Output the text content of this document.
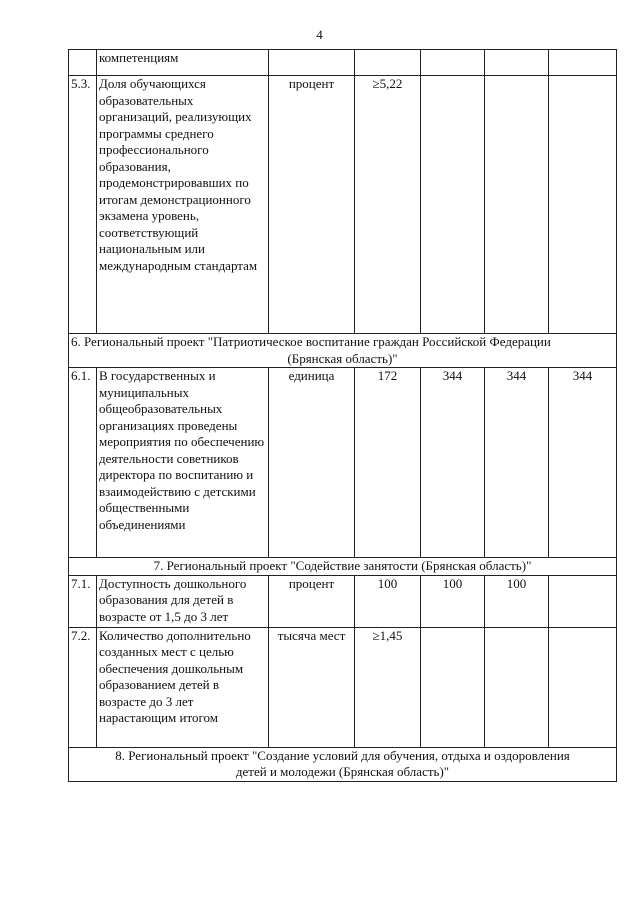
4
	компетенциям					
5.3.	Доля обучающихся образовательных организаций, реализующих программы среднего профессионального образования, продемонстрировавших по итогам демонстрационного экзамена уровень, соответствующий национальным или международным стандартам	процент	≥5,22			
6. Региональный проект "Патриотическое воспитание граждан Российской Федерации

(Брянская область)"						

6.1.	В государственных и муниципальных общеобразовательных организациях проведены мероприятия по обеспечению деятельности советников директора по воспитанию и взаимодействию с детскими общественными объединениями	единица	172	344	344	344
7. Региональный проект "Содействие занятости (Брянская область)"						
7.1.	Доступность дошкольного образования для детей в возрасте от 1,5 до 3 лет	процент	100	100	100	
7.2.	Количество дополнительно созданных мест с целью обеспечения дошкольным образованием детей в возрасте до 3 лет нарастающим итогом	тысяча мест	≥1,45			
8. Региональный проект "Создание условий для обучения, отдыха и оздоровления
детей и молодежи (Брянская область)"						
